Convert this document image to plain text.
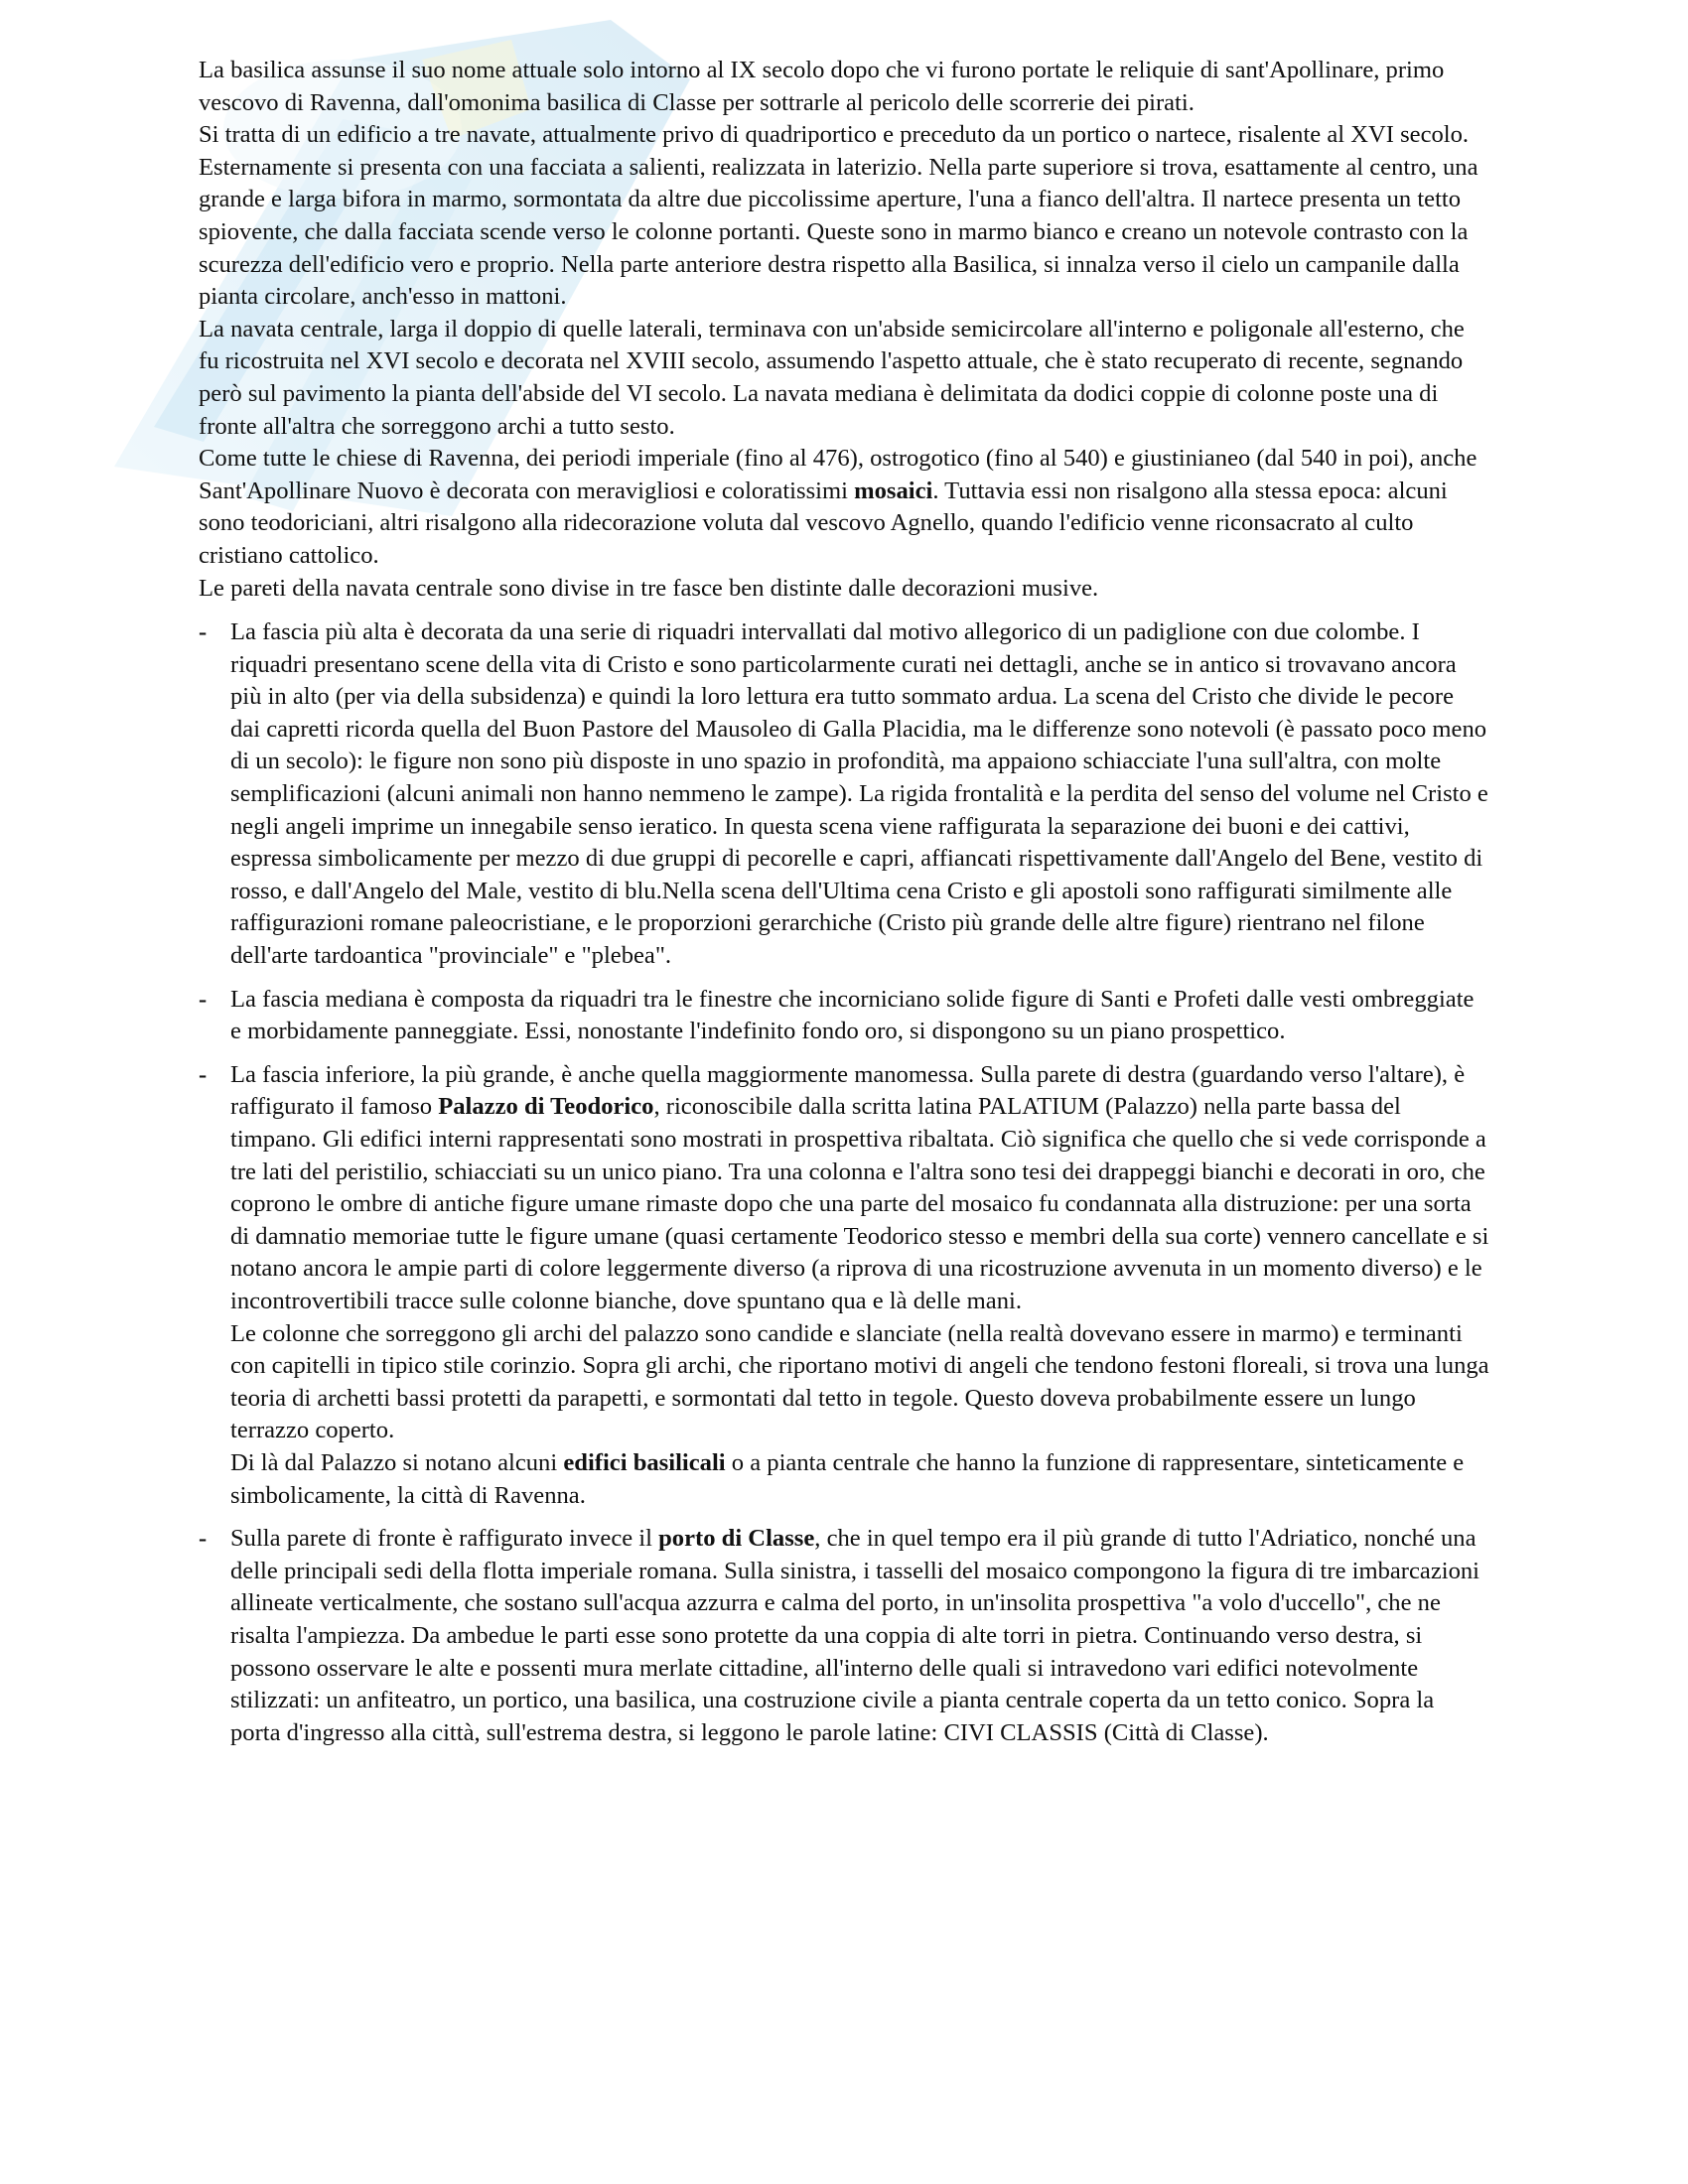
La basilica assunse il suo nome attuale solo intorno al IX secolo dopo che vi furono portate le reliquie di sant'Apollinare, primo vescovo di Ravenna, dall'omonima basilica di Classe per sottrarle al pericolo delle scorrerie dei pirati.

Si tratta di un edificio a tre navate, attualmente privo di quadriportico e preceduto da un portico o nartece, risalente al XVI secolo.

Esternamente si presenta con una facciata a salienti, realizzata in laterizio. Nella parte superiore si trova, esattamente al centro, una grande e larga bifora in marmo, sormontata da altre due piccolissime aperture, l'una a fianco dell'altra. Il nartece presenta un tetto spiovente, che dalla facciata scende verso le colonne portanti. Queste sono in marmo bianco e creano un notevole contrasto con la scurezza dell'edificio vero e proprio. Nella parte anteriore destra rispetto alla Basilica, si innalza verso il cielo un campanile dalla pianta circolare, anch'esso in mattoni.

La navata centrale, larga il doppio di quelle laterali, terminava con un'abside semicircolare all'interno e poligonale all'esterno, che fu ricostruita nel XVI secolo e decorata nel XVIII secolo, assumendo l'aspetto attuale, che è stato recuperato di recente, segnando però sul pavimento la pianta dell'abside del VI secolo. La navata mediana è delimitata da dodici coppie di colonne poste una di fronte all'altra che sorreggono archi a tutto sesto.

Come tutte le chiese di Ravenna, dei periodi imperiale (fino al 476), ostrogotico (fino al 540) e giustinianeo (dal 540 in poi), anche Sant'Apollinare Nuovo è decorata con meravigliosi e coloratissimi mosaici. Tuttavia essi non risalgono alla stessa epoca: alcuni sono teodoriciani, altri risalgono alla ridecorazione voluta dal vescovo Agnello, quando l'edificio venne riconsacrato al culto cristiano cattolico.

Le pareti della navata centrale sono divise in tre fasce ben distinte dalle decorazioni musive.

- La fascia più alta è decorata da una serie di riquadri intervallati dal motivo allegorico di un padiglione con due colombe. I riquadri presentano scene della vita di Cristo e sono particolarmente curati nei dettagli, anche se in antico si trovavano ancora più in alto (per via della subsidenza) e quindi la loro lettura era tutto sommato ardua. La scena del Cristo che divide le pecore dai capretti ricorda quella del Buon Pastore del Mausoleo di Galla Placidia, ma le differenze sono notevoli (è passato poco meno di un secolo): le figure non sono più disposte in uno spazio in profondità, ma appaiono schiacciate l'una sull'altra, con molte semplificazioni (alcuni animali non hanno nemmeno le zampe). La rigida frontalità e la perdita del senso del volume nel Cristo e negli angeli imprime un innegabile senso ieratico. In questa scena viene raffigurata la separazione dei buoni e dei cattivi, espressa simbolicamente per mezzo di due gruppi di pecorelle e capri, affiancati rispettivamente dall'Angelo del Bene, vestito di rosso, e dall'Angelo del Male, vestito di blu.Nella scena dell'Ultima cena Cristo e gli apostoli sono raffigurati similmente alle raffigurazioni romane paleocristiane, e le proporzioni gerarchiche (Cristo più grande delle altre figure) rientrano nel filone dell'arte tardoantica "provinciale" e "plebea".

- La fascia mediana è composta da riquadri tra le finestre che incorniciano solide figure di Santi e Profeti dalle vesti ombreggiate e morbidamente panneggiate. Essi, nonostante l'indefinito fondo oro, si dispongono su un piano prospettico.

- La fascia inferiore, la più grande, è anche quella maggiormente manomessa. Sulla parete di destra (guardando verso l'altare), è raffigurato il famoso Palazzo di Teodorico, riconoscibile dalla scritta latina PALATIUM (Palazzo) nella parte bassa del timpano. Gli edifici interni rappresentati sono mostrati in prospettiva ribaltata. Ciò significa che quello che si vede corrisponde a tre lati del peristilio, schiacciati su un unico piano. Tra una colonna e l'altra sono tesi dei drappeggi bianchi e decorati in oro, che coprono le ombre di antiche figure umane rimaste dopo che una parte del mosaico fu condannata alla distruzione: per una sorta di damnatio memoriae tutte le figure umane (quasi certamente Teodorico stesso e membri della sua corte) vennero cancellate e si notano ancora le ampie parti di colore leggermente diverso (a riprova di una ricostruzione avvenuta in un momento diverso) e le incontrovertibili tracce sulle colonne bianche, dove spuntano qua e là delle mani.

Le colonne che sorreggono gli archi del palazzo sono candide e slanciate (nella realtà dovevano essere in marmo) e terminanti con capitelli in tipico stile corinzio. Sopra gli archi, che riportano motivi di angeli che tendono festoni floreali, si trova una lunga teoria di archetti bassi protetti da parapetti, e sormontati dal tetto in tegole. Questo doveva probabilmente essere un lungo terrazzo coperto.

Di là dal Palazzo si notano alcuni edifici basilicali o a pianta centrale che hanno la funzione di rappresentare, sinteticamente e simbolicamente, la città di Ravenna.

- Sulla parete di fronte è raffigurato invece il porto di Classe, che in quel tempo era il più grande di tutto l'Adriatico, nonché una delle principali sedi della flotta imperiale romana. Sulla sinistra, i tasselli del mosaico compongono la figura di tre imbarcazioni allineate verticalmente, che sostano sull'acqua azzurra e calma del porto, in un'insolita prospettiva "a volo d'uccello", che ne risalta l'ampiezza. Da ambedue le parti esse sono protette da una coppia di alte torri in pietra. Continuando verso destra, si possono osservare le alte e possenti mura merlate cittadine, all'interno delle quali si intravedono vari edifici notevolmente stilizzati: un anfiteatro, un portico, una basilica, una costruzione civile a pianta centrale coperta da un tetto conico. Sopra la porta d'ingresso alla città, sull'estrema destra, si leggono le parole latine: CIVI CLASSIS (Città di Classe).
